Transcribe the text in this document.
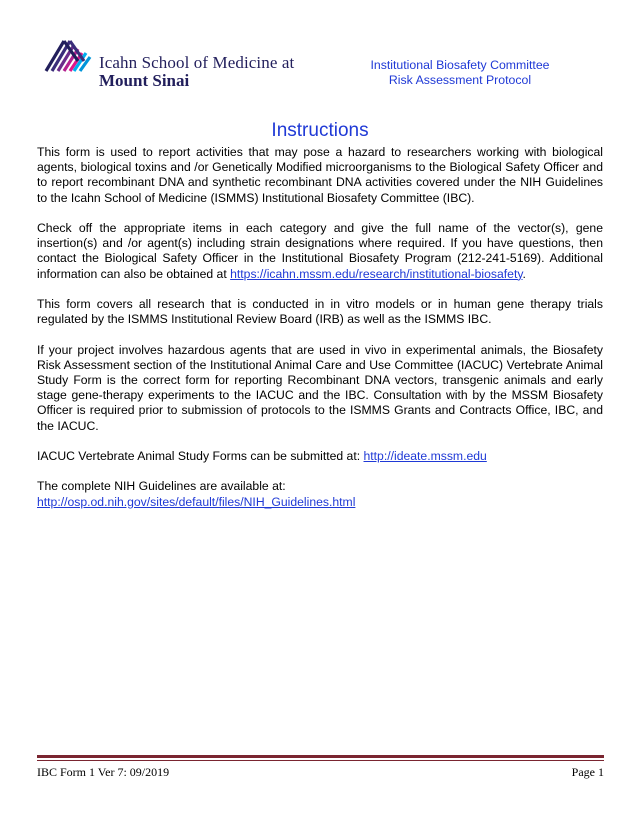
Icahn School of Medicine at
Mount Sinai
Institutional Biosafety Committee
Risk Assessment Protocol
Instructions

This form is used to report activities that may pose a hazard to researchers working with biological agents, biological toxins and /or Genetically Modified microorganisms to the Biological Safety Officer and to report recombinant DNA and synthetic recombinant DNA activities covered under the NIH Guidelines to the Icahn School of Medicine (ISMMS) Institutional Biosafety Committee (IBC).

Check off the appropriate items in each category and give the full name of the vector(s), gene insertion(s) and /or agent(s) including strain designations where required. If you have questions, then contact the Biological Safety Officer in the Institutional Biosafety Program (212-241-5169). Additional information can also be obtained at https://icahn.mssm.edu/research/institutional-biosafety.

This form covers all research that is conducted in in vitro models or in human gene therapy trials regulated by the ISMMS Institutional Review Board (IRB) as well as the ISMMS IBC.

If your project involves hazardous agents that are used in vivo in experimental animals, the Biosafety Risk Assessment section of the Institutional Animal Care and Use Committee (IACUC) Vertebrate Animal Study Form is the correct form for reporting Recombinant DNA vectors, transgenic animals and early stage gene-therapy experiments to the IACUC and the IBC. Consultation with by the MSSM Biosafety Officer is required prior to submission of protocols to the ISMMS Grants and Contracts Office, IBC, and the IACUC.

IACUC Vertebrate Animal Study Forms can be submitted at: http://ideate.mssm.edu

The complete NIH Guidelines are available at:
http://osp.od.nih.gov/sites/default/files/NIH_Guidelines.html

IBC Form 1 Ver 7: 09/2019	Page 1
